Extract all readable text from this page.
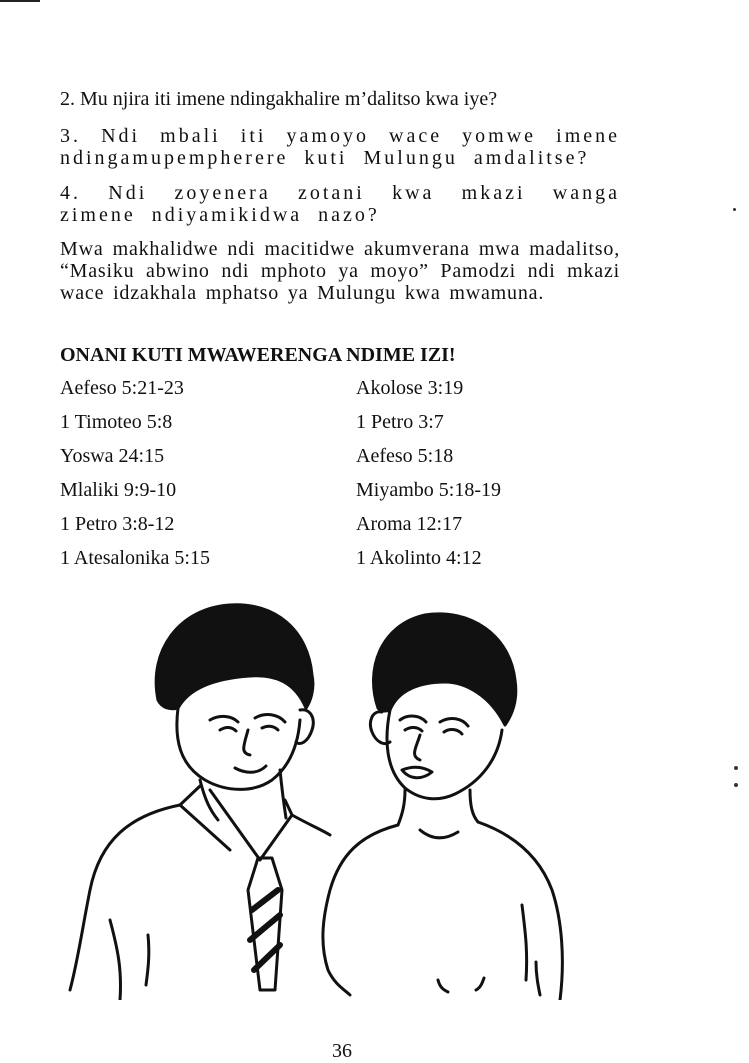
2. Mu njira iti imene ndingakhalire m’dalitso kwa iye?

3. Ndi mbali iti yamoyo wace yomwe imene ndingamupempherere kuti Mulungu amdalitse?

4. Ndi zoyenera zotani kwa mkazi wanga zimene ndiyamikidwa nazo?

Mwa makhalidwe ndi macitidwe akumverana mwa madalitso, “Masiku abwino ndi mphoto ya moyo” Pamodzi ndi mkazi wace idzakhala mphatso ya Mulungu kwa mwamuna.

ONANI KUTI MWAWERENGA NDIME IZI!
Aefeso 5:21-23
1 Timoteo 5:8
Yoswa 24:15
Mlaliki 9:9-10
1 Petro 3:8-12
1 Atesalonika 5:15
Akolose 3:19
1 Petro 3:7
Aefeso 5:18
Miyambo 5:18-19
Aroma 12:17
1 Akolinto 4:12
36
